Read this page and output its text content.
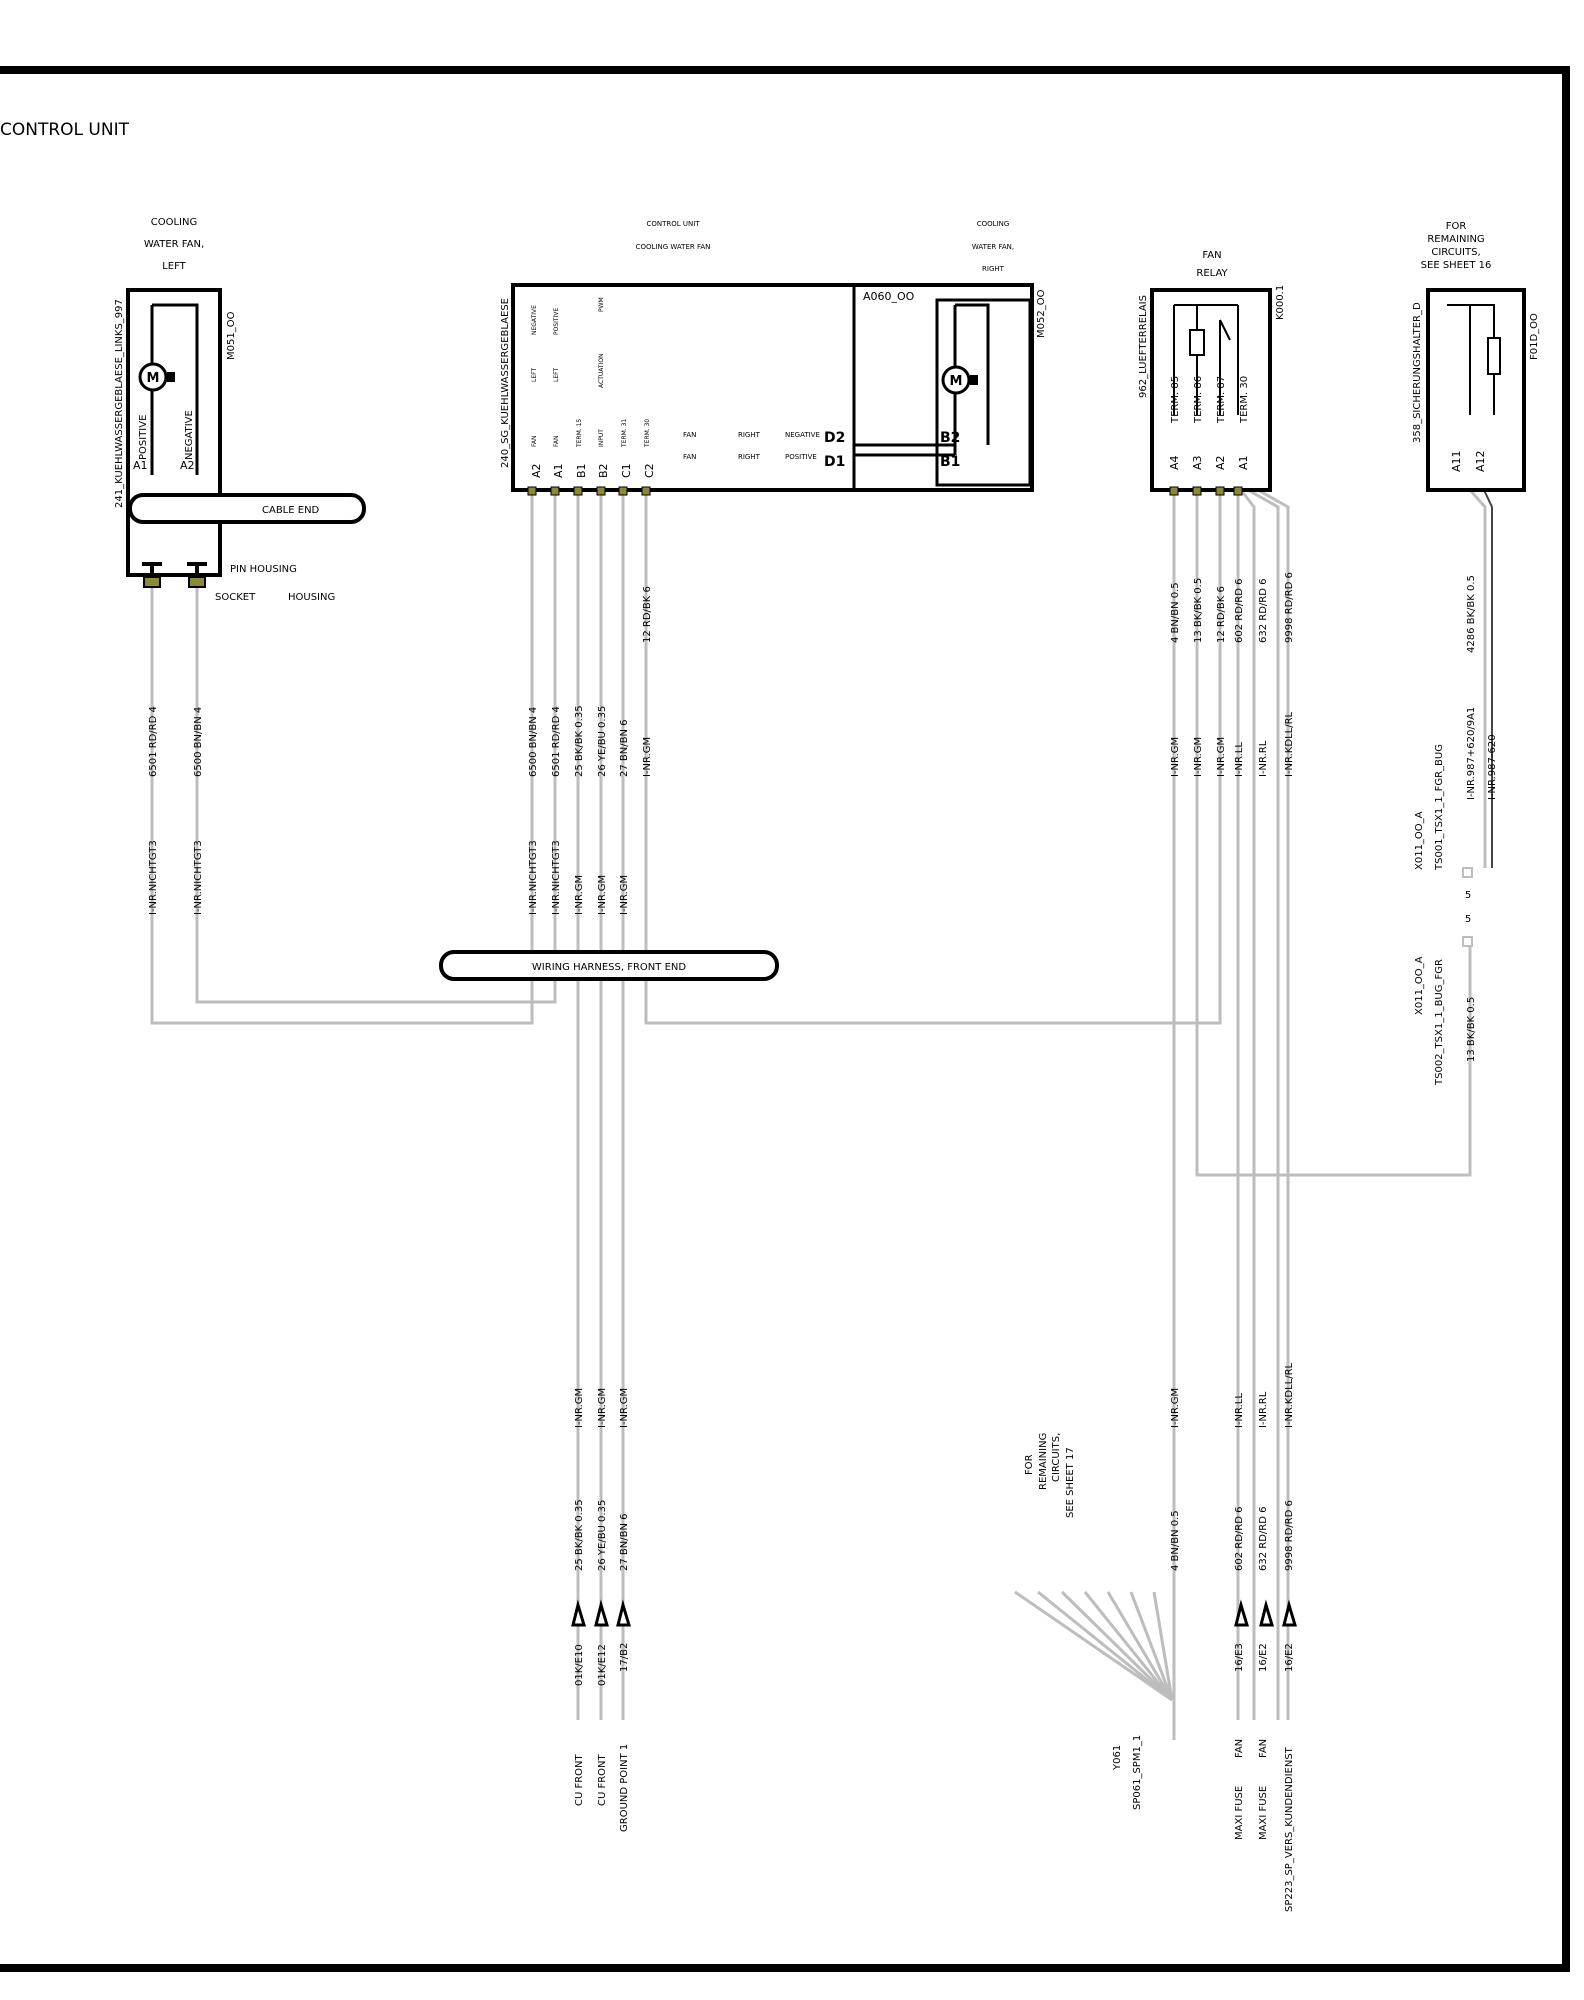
CONTROL UNIT
COOLING
WATER FAN,
LEFT
M
241_KUEHLWASSERGEBLAESE_LINKS_997	M051_OO
POSITIVE	NEGATIVE
A1	A2
CABLE END
PIN HOUSING
SOCKET	HOUSING
CONTROL UNIT
COOLING WATER FAN
240_SG_KUEHLWASSERGEBLAESE
A060_OO
NEGATIVE
LEFT
FAN
POSITIVE
LEFT
FAN
PWM
ACTUATION
TERM. 15	INPUT	TERM. 31	TERM. 30
A2 A1 B1 B2 C1 C2
FAN	RIGHT	NEGATIVE D2
FAN	RIGHT	POSITIVE D1
COOLING
WATER FAN,
RIGHT
M
M052_OO
B2
B1
FAN
RELAY
962_LUEFTERRELAIS	K000.1
TERM. 85 TERM. 86 TERM. 87 TERM. 30
A4 A3 A2 A1
FOR
REMAINING
CIRCUITS,
SEE SHEET 16
358_SICHERUNGSHALTER_D	F01D_OO
A11 A12
6501 RD/RD 4	6500 BN/BN 4
I-NR.NICHTGT3	I-NR.NICHTGT3
6500 BN/BN 4 6501 RD/RD 4 25 BK/BK 0.35 26 YE/BU 0.35 27 BN/BN 6
12 RD/BK 6
I-NR.NICHTGT3 I-NR.NICHTGT3 I-NR.GM I-NR.GM I-NR.GM
I-NR.GM
4 BN/BN 0.5 13 BK/BK 0.5 12 RD/BK 6 602 RD/RD 6 632 RD/RD 6 9998 RD/RD 6
I-NR.GM I-NR.GM I-NR.GM I-NR.LL I-NR.RL I-NR.KDLL/RL
4286 BK/BK 0.5
I-NR.987+620/9A1 I-NR.987-620
WIRING HARNESS, FRONT END
X011_OO_A TS001_TSX1_1_FGR_BUG
5
5
X011_OO_A TS002_TSX1_1_BUG_FGR 13 BK/BK 0.5
I-NR.GM I-NR.GM I-NR.GM
25 BK/BK 0.35 26 YE/BU 0.35 27 BN/BN 6
01K/E10 01K/E12 17/B2
CU FRONT CU FRONT GROUND POINT 1
FOR REMAINING CIRCUITS, SEE SHEET 17
I-NR.GM
4 BN/BN 0.5
Y061 SP061_SPM1_1
I-NR.LL I-NR.RL I-NR.KDLL/RL
602 RD/RD 6 632 RD/RD 6 9998 RD/RD 6
16/E3 16/E2 16/E2
MAXI FUSE
FAN
MAXI FUSE
FAN SP223_SP_VERS_KUNDENDIENST
